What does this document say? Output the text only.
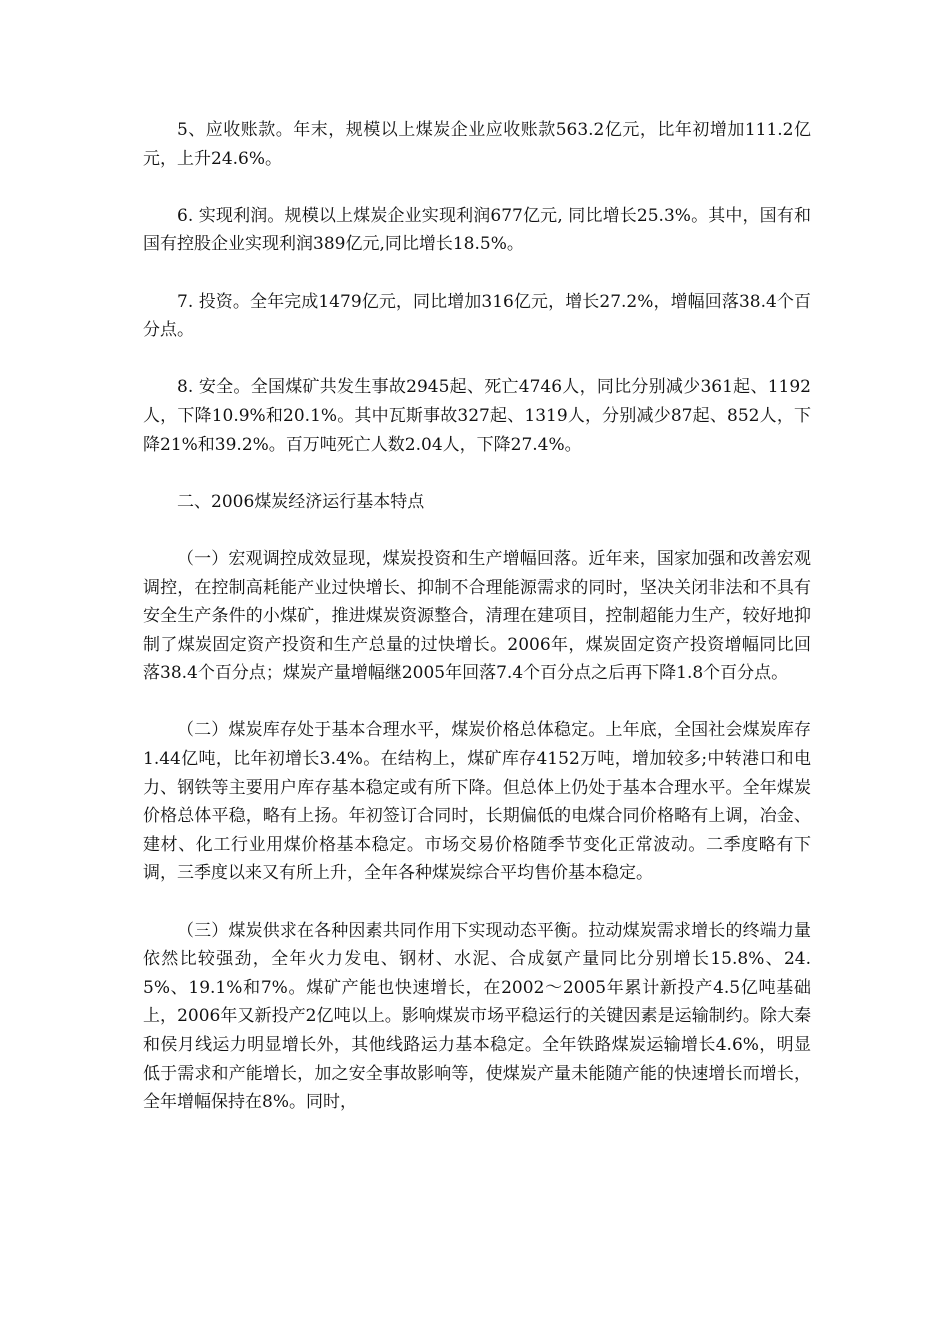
5、应收账款。年末，规模以上煤炭企业应收账款563.2亿元，比年初增加111.2亿元，上升24.6%。

6. 实现利润。规模以上煤炭企业实现利润677亿元, 同比增长25.3%。其中，国有和国有控股企业实现利润389亿元,同比增长18.5%。

7. 投资。全年完成1479亿元，同比增加316亿元，增长27.2%，增幅回落38.4个百分点。

8. 安全。全国煤矿共发生事故2945起、死亡4746人，同比分别减少361起、1192人，下降10.9%和20.1%。其中瓦斯事故327起、1319人，分别减少87起、852人，下降21%和39.2%。百万吨死亡人数2.04人，下降27.4%。

二、2006煤炭经济运行基本特点

（一）宏观调控成效显现，煤炭投资和生产增幅回落。近年来，国家加强和改善宏观调控，在控制高耗能产业过快增长、抑制不合理能源需求的同时，坚决关闭非法和不具有安全生产条件的小煤矿，推进煤炭资源整合，清理在建项目，控制超能力生产，较好地抑制了煤炭固定资产投资和生产总量的过快增长。2006年，煤炭固定资产投资增幅同比回落38.4个百分点；煤炭产量增幅继2005年回落7.4个百分点之后再下降1.8个百分点。

（二）煤炭库存处于基本合理水平，煤炭价格总体稳定。上年底，全国社会煤炭库存1.44亿吨，比年初增长3.4%。在结构上，煤矿库存4152万吨，增加较多;中转港口和电力、钢铁等主要用户库存基本稳定或有所下降。但总体上仍处于基本合理水平。全年煤炭价格总体平稳，略有上扬。年初签订合同时，长期偏低的电煤合同价格略有上调，冶金、建材、化工行业用煤价格基本稳定。市场交易价格随季节变化正常波动。二季度略有下调，三季度以来又有所上升，全年各种煤炭综合平均售价基本稳定。

（三）煤炭供求在各种因素共同作用下实现动态平衡。拉动煤炭需求增长的终端力量依然比较强劲，全年火力发电、钢材、水泥、合成氨产量同比分别增长15.8%、24.5%、19.1%和7%。煤矿产能也快速增长，在2002～2005年累计新投产4.5亿吨基础上，2006年又新投产2亿吨以上。影响煤炭市场平稳运行的关键因素是运输制约。除大秦和侯月线运力明显增长外，其他线路运力基本稳定。全年铁路煤炭运输增长4.6%，明显低于需求和产能增长，加之安全事故影响等，使煤炭产量未能随产能的快速增长而增长，全年增幅保持在8%。同时，
